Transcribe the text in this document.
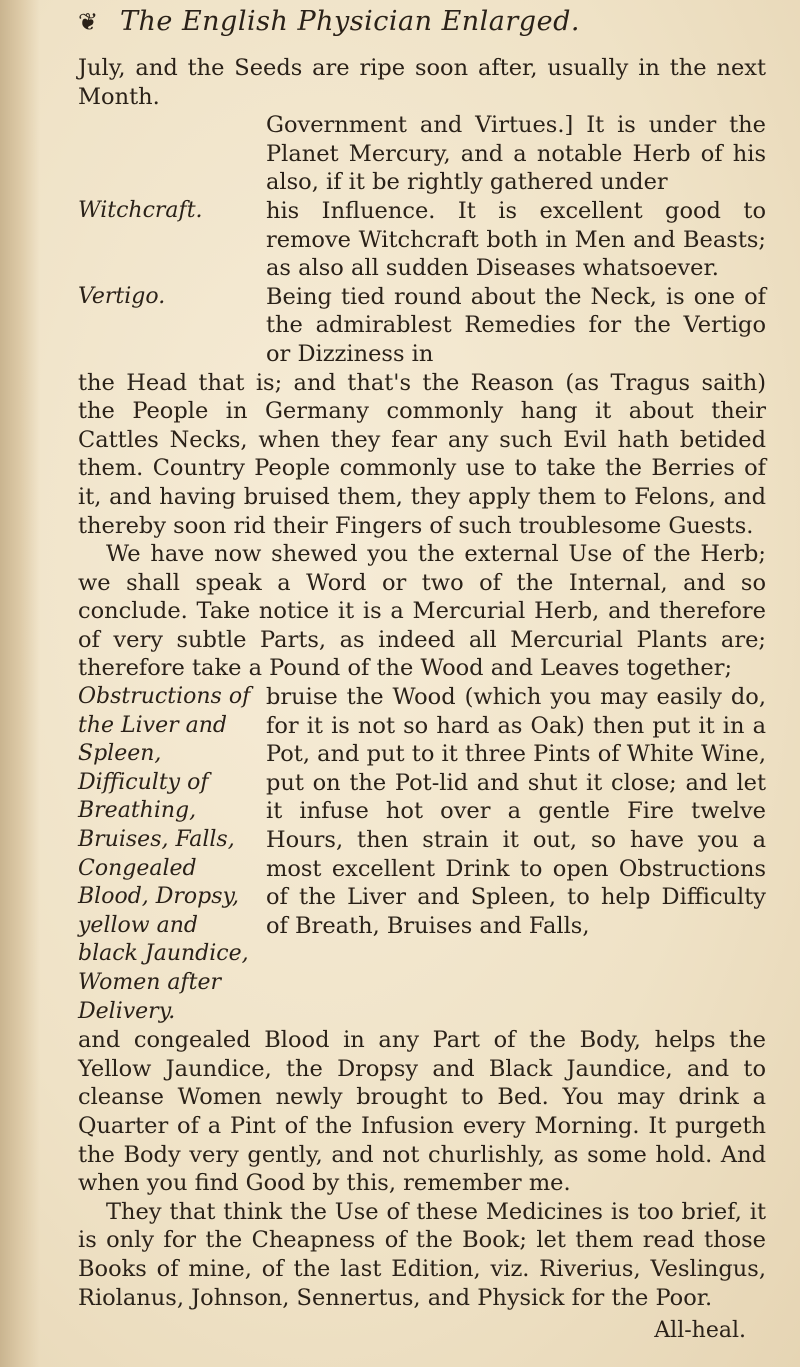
❦ The English Physician Enlarged.

July, and the Seeds are ripe soon after, usually in the next Month.

Government and Virtues.] It is under the Planet Mercury, and a notable Herb of his also, if it be rightly gathered under

Witchcraft.	his Influence. It is excellent good to remove Witchcraft both in Men and Beasts; as also all sudden Diseases whatsoever.

Vertigo.	Being tied round about the Neck, is one of the admirablest Remedies for the Vertigo or Dizziness in

the Head that is; and that's the Reason (as Tragus saith) the People in Germany commonly hang it about their Cattles Necks, when they fear any such Evil hath betided them. Country People commonly use to take the Berries of it, and having bruised them, they apply them to Felons, and thereby soon rid their Fingers of such troublesome Guests.

We have now shewed you the external Use of the Herb; we shall speak a Word or two of the Internal, and so conclude. Take notice it is a Mercurial Herb, and therefore of very subtle Parts, as indeed all Mercurial Plants are; therefore take a Pound of the Wood and Leaves together;

Obstructions of the Liver and Spleen, Difficulty of Breathing, Bruises, Falls, Congealed Blood, Dropsy, yellow and black Jaundice, Women after Delivery.

bruise the Wood (which you may easily do, for it is not so hard as Oak) then put it in a Pot, and put to it three Pints of White Wine, put on the Pot-lid and shut it close; and let it infuse hot over a gentle Fire twelve Hours, then strain it out, so have you a most excellent Drink to open Obstructions of the Liver and Spleen, to help Difficulty of Breath, Bruises and Falls,

and congealed Blood in any Part of the Body, helps the Yellow Jaundice, the Dropsy and Black Jaundice, and to cleanse Women newly brought to Bed. You may drink a Quarter of a Pint of the Infusion every Morning. It purgeth the Body very gently, and not churlishly, as some hold. And when you find Good by this, remember me.

They that think the Use of these Medicines is too brief, it is only for the Cheapness of the Book; let them read those Books of mine, of the last Edition, viz. Riverius, Veslingus, Riolanus, Johnson, Sennertus, and Physick for the Poor.

All-heal.
